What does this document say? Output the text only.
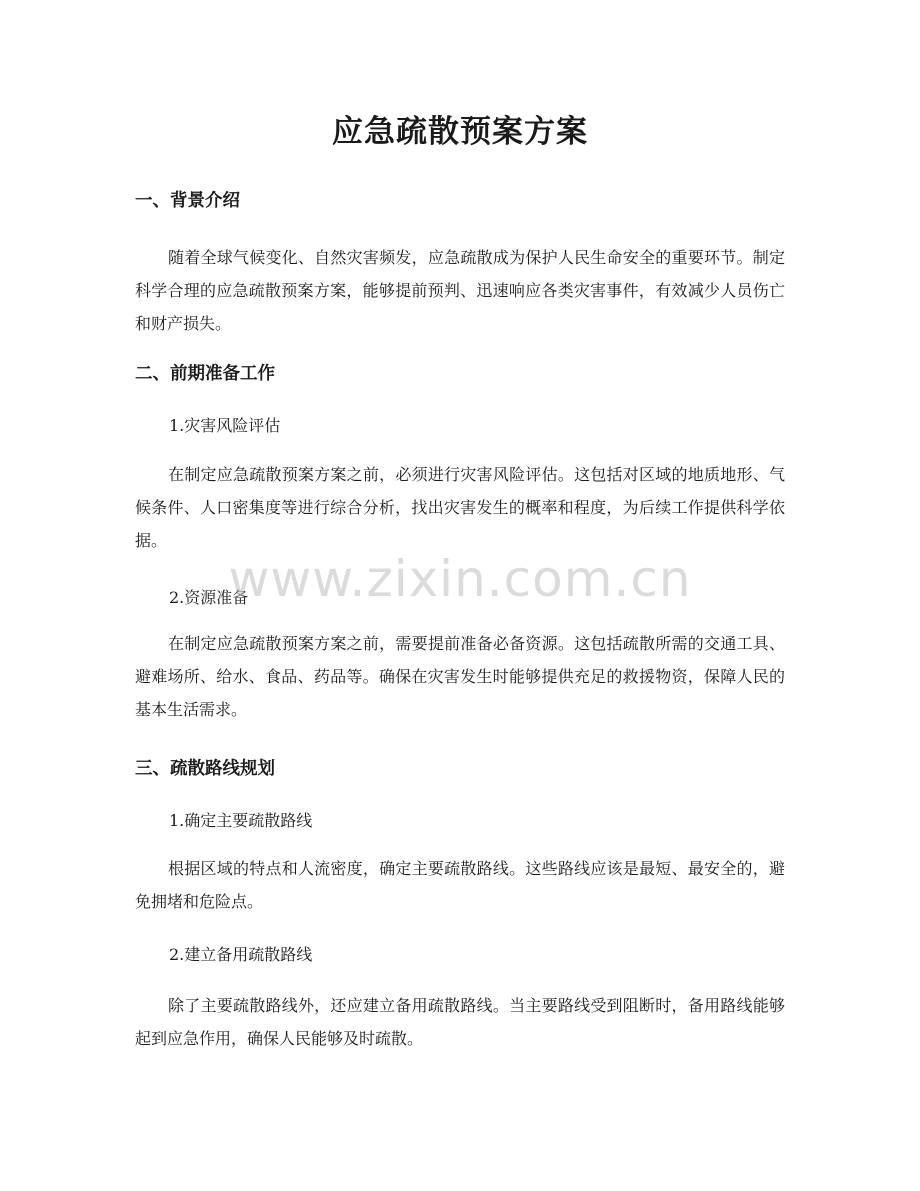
应急疏散预案方案
一、背景介绍

随着全球气候变化、自然灾害频发，应急疏散成为保护人民生命安全的重要环节。制定科学合理的应急疏散预案方案，能够提前预判、迅速响应各类灾害事件，有效减少人员伤亡和财产损失。

二、前期准备工作

1.灾害风险评估

在制定应急疏散预案方案之前，必须进行灾害风险评估。这包括对区域的地质地形、气候条件、人口密集度等进行综合分析，找出灾害发生的概率和程度，为后续工作提供科学依据。

2.资源准备

在制定应急疏散预案方案之前，需要提前准备必备资源。这包括疏散所需的交通工具、避难场所、给水、食品、药品等。确保在灾害发生时能够提供充足的救援物资，保障人民的基本生活需求。

三、疏散路线规划

1.确定主要疏散路线

根据区域的特点和人流密度，确定主要疏散路线。这些路线应该是最短、最安全的，避免拥堵和危险点。

2.建立备用疏散路线

除了主要疏散路线外，还应建立备用疏散路线。当主要路线受到阻断时，备用路线能够起到应急作用，确保人民能够及时疏散。

www.zixin.com.cn
